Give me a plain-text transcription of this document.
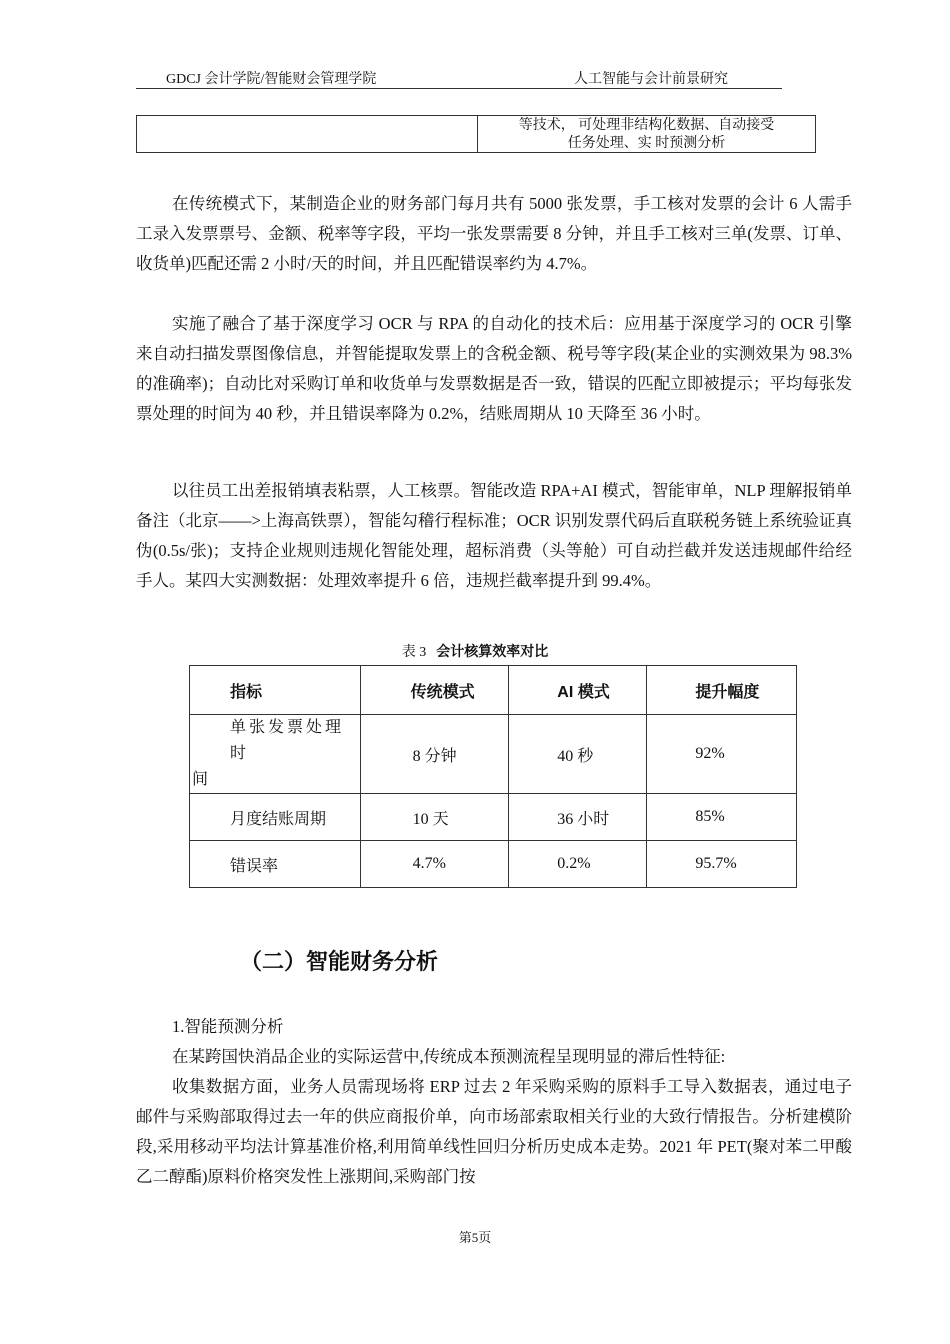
GDCJ 会计学院/智能财会管理学院	人工智能与会计前景研究
等技术， 可处理非结构化数据、自动接受
任务处理、实 时预测分析

在传统模式下，某制造企业的财务部门每月共有 5000 张发票，手工核对发票的会计 6 人需手工录入发票票号、金额、税率等字段，平均一张发票需要 8 分钟，并且手工核对三单(发票、订单、收货单)匹配还需 2 小时/天的时间，并且匹配错误率约为 4.7%。

实施了融合了基于深度学习 OCR 与 RPA 的自动化的技术后：应用基于深度学习的 OCR 引擎来自动扫描发票图像信息，并智能提取发票上的含税金额、税号等字段(某企业的实测效果为 98.3%的准确率)；自动比对采购订单和收货单与发票数据是否一致，错误的匹配立即被提示；平均每张发票处理的时间为 40 秒，并且错误率降为 0.2%，结账周期从 10 天降至 36 小时。

以往员工出差报销填表粘票，人工核票。智能改造 RPA+AI 模式，智能审单，NLP 理解报销单备注（北京——>上海高铁票），智能勾稽行程标准；OCR 识别发票代码后直联税务链上系统验证真伪(0.5s/张)；支持企业规则违规化智能处理，超标消费（头等舱）可自动拦截并发送违规邮件给经手人。某四大实测数据：处理效率提升 6 倍，违规拦截率提升到 99.4%。

表 3 会计核算效率对比
指标	传统模式	AI 模式	提升幅度

单张发票处理时
间	8 分钟	40 秒	92%
月度结账周期	10 天	36 小时	85%
错误率	4.7%	0.2%	95.7%
（二）智能财务分析

1.智能预测分析

在某跨国快消品企业的实际运营中,传统成本预测流程呈现明显的滞后性特征:

收集数据方面，业务人员需现场将 ERP 过去 2 年采购采购的原料手工导入数据表，通过电子邮件与采购部取得过去一年的供应商报价单，向市场部索取相关行业的大致行情报告。分析建模阶段,采用移动平均法计算基准价格,利用简单线性回归分析历史成本走势。2021 年 PET(聚对苯二甲酸乙二醇酯)原料价格突发性上涨期间,采购部门按

第5页
